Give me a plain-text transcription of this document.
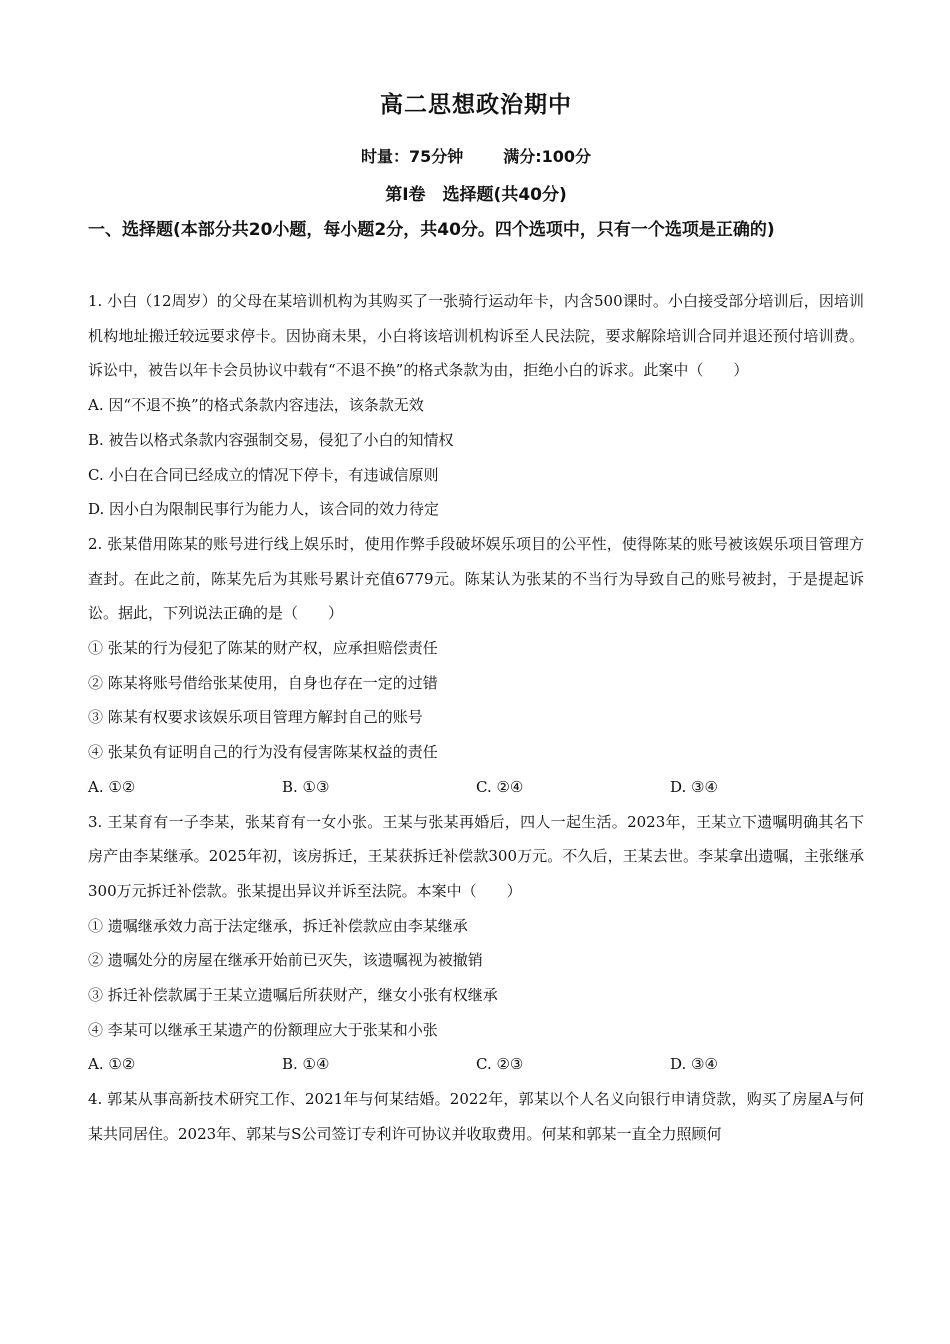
高二思想政治期中
时量：75分钟	满分:100分
第Ⅰ卷　选择题(共40分)
一、选择题(本部分共20小题，每小题2分，共40分。四个选项中，只有一个选项是正确的)

1. 小白（12周岁）的父母在某培训机构为其购买了一张骑行运动年卡，内含500课时。小白接受部分培训后，因培训机构地址搬迁较远要求停卡。因协商未果，小白将该培训机构诉至人民法院，要求解除培训合同并退还预付培训费。诉讼中，被告以年卡会员协议中载有“不退不换”的格式条款为由，拒绝小白的诉求。此案中（　　）

A. 因“不退不换”的格式条款内容违法，该条款无效

B. 被告以格式条款内容强制交易，侵犯了小白的知情权

C. 小白在合同已经成立的情况下停卡，有违诚信原则

D. 因小白为限制民事行为能力人，该合同的效力待定

2. 张某借用陈某的账号进行线上娱乐时，使用作弊手段破坏娱乐项目的公平性，使得陈某的账号被该娱乐项目管理方查封。在此之前，陈某先后为其账号累计充值6779元。陈某认为张某的不当行为导致自己的账号被封，于是提起诉讼。据此，下列说法正确的是（　　）

① 张某的行为侵犯了陈某的财产权，应承担赔偿责任

② 陈某将账号借给张某使用，自身也存在一定的过错

③ 陈某有权要求该娱乐项目管理方解封自己的账号

④ 张某负有证明自己的行为没有侵害陈某权益的责任

A. ①②	B. ①③	C. ②④	D. ③④

3. 王某育有一子李某，张某育有一女小张。王某与张某再婚后，四人一起生活。2023年，王某立下遗嘱明确其名下房产由李某继承。2025年初，该房拆迁，王某获拆迁补偿款300万元。不久后，王某去世。李某拿出遗嘱，主张继承300万元拆迁补偿款。张某提出异议并诉至法院。本案中（　　）

① 遗嘱继承效力高于法定继承，拆迁补偿款应由李某继承

② 遗嘱处分的房屋在继承开始前已灭失，该遗嘱视为被撤销

③ 拆迁补偿款属于王某立遗嘱后所获财产，继女小张有权继承

④ 李某可以继承王某遗产的份额理应大于张某和小张

A. ①②	B. ①④	C. ②③	D. ③④

4. 郭某从事高新技术研究工作、2021年与何某结婚。2022年，郭某以个人名义向银行申请贷款，购买了房屋A与何某共同居住。2023年、郭某与S公司签订专利许可协议并收取费用。何某和郭某一直全力照顾何
